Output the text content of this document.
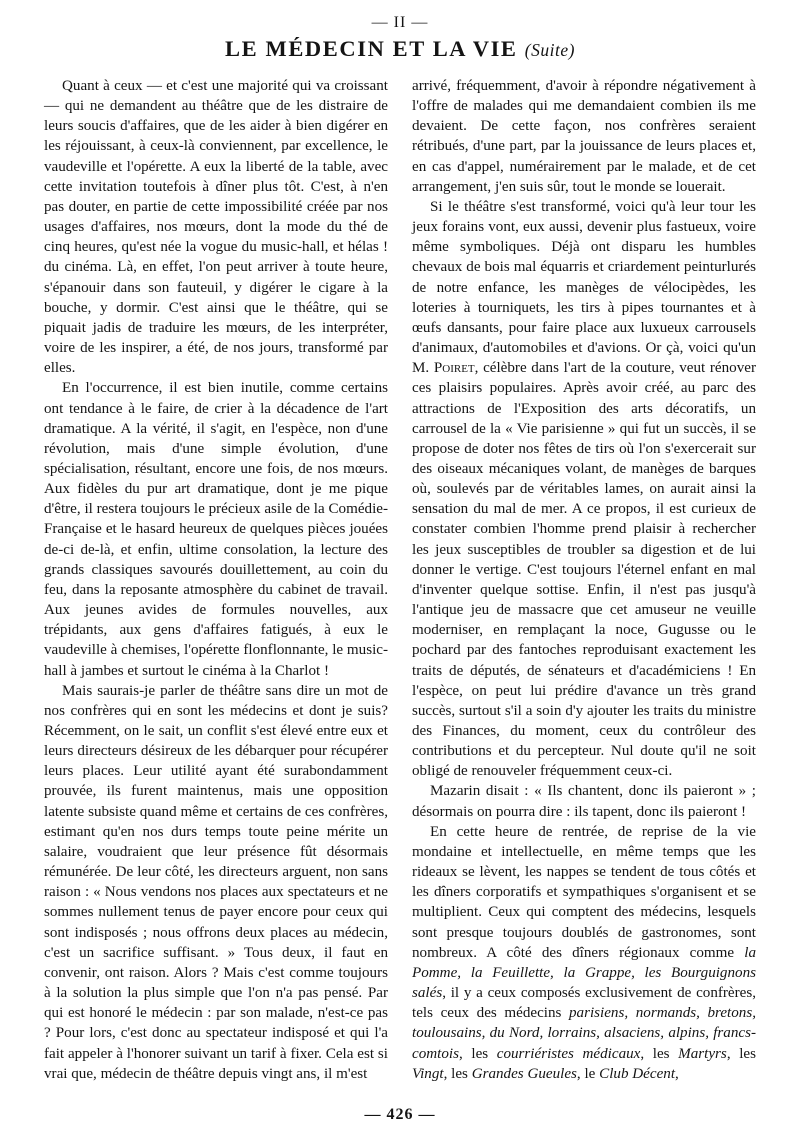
— II —
LE MÉDECIN ET LA VIE (Suite)

Quant à ceux — et c'est une majorité qui va croissant — qui ne demandent au théâtre que de les distraire de leurs soucis d'affaires, que de les aider à bien digérer en les réjouissant, à ceux-là conviennent, par excellence, le vaudeville et l'opérette. A eux la liberté de la table, avec cette invitation toutefois à dîner plus tôt. C'est, à n'en pas douter, en partie de cette impossibilité créée par nos usages d'affaires, nos mœurs, dont la mode du thé de cinq heures, qu'est née la vogue du music-hall, et hélas ! du cinéma. Là, en effet, l'on peut arriver à toute heure, s'épanouir dans son fauteuil, y digérer le cigare à la bouche, y dormir. C'est ainsi que le théâtre, qui se piquait jadis de traduire les mœurs, de les interpréter, voire de les inspirer, a été, de nos jours, transformé par elles.

En l'occurrence, il est bien inutile, comme certains ont tendance à le faire, de crier à la décadence de l'art dramatique. A la vérité, il s'agit, en l'espèce, non d'une révolution, mais d'une simple évolution, d'une spécialisation, résultant, encore une fois, de nos mœurs. Aux fidèles du pur art dramatique, dont je me pique d'être, il restera toujours le précieux asile de la Comédie-Française et le hasard heureux de quelques pièces jouées de-ci de-là, et enfin, ultime consolation, la lecture des grands classiques savourés douillettement, au coin du feu, dans la reposante atmosphère du cabinet de travail. Aux jeunes avides de formules nouvelles, aux trépidants, aux gens d'affaires fatigués, à eux le vaudeville à chemises, l'opérette flonflonnante, le music-hall à jambes et surtout le cinéma à la Charlot !

Mais saurais-je parler de théâtre sans dire un mot de nos confrères qui en sont les médecins et dont je suis? Récemment, on le sait, un conflit s'est élevé entre eux et leurs directeurs désireux de les débarquer pour récupérer leurs places. Leur utilité ayant été surabondamment prouvée, ils furent maintenus, mais une opposition latente subsiste quand même et certains de ces confrères, estimant qu'en nos durs temps toute peine mérite un salaire, voudraient que leur présence fût désormais rémunérée. De leur côté, les directeurs arguent, non sans raison : « Nous vendons nos places aux spectateurs et ne sommes nullement tenus de payer encore pour ceux qui sont indisposés ; nous offrons deux places au médecin, c'est un sacrifice suffisant. » Tous deux, il faut en convenir, ont raison. Alors ? Mais c'est comme toujours à la solution la plus simple que l'on n'a pas pensé. Par qui est honoré le médecin : par son malade, n'est-ce pas ? Pour lors, c'est donc au spectateur indisposé et qui l'a fait appeler à l'honorer suivant un tarif à fixer. Cela est si vrai que, médecin de théâtre depuis vingt ans, il m'est

arrivé, fréquemment, d'avoir à répondre négativement à l'offre de malades qui me demandaient combien ils me devaient. De cette façon, nos confrères seraient rétribués, d'une part, par la jouissance de leurs places et, en cas d'appel, numérairement par le malade, et de cet arrangement, j'en suis sûr, tout le monde se louerait.

Si le théâtre s'est transformé, voici qu'à leur tour les jeux forains vont, eux aussi, devenir plus fastueux, voire même symboliques. Déjà ont disparu les humbles chevaux de bois mal équarris et criardement peinturlurés de notre enfance, les manèges de vélocipèdes, les loteries à tourniquets, les tirs à pipes tournantes et à œufs dansants, pour faire place aux luxueux carrousels d'animaux, d'automobiles et d'avions. Or çà, voici qu'un M. Poiret, célèbre dans l'art de la couture, veut rénover ces plaisirs populaires. Après avoir créé, au parc des attractions de l'Exposition des arts décoratifs, un carrousel de la « Vie parisienne » qui fut un succès, il se propose de doter nos fêtes de tirs où l'on s'exercerait sur des oiseaux mécaniques volant, de manèges de barques où, soulevés par de véritables lames, on aurait ainsi la sensation du mal de mer. A ce propos, il est curieux de constater combien l'homme prend plaisir à rechercher les jeux susceptibles de troubler sa digestion et de lui donner le vertige. C'est toujours l'éternel enfant en mal d'inventer quelque sottise. Enfin, il n'est pas jusqu'à l'antique jeu de massacre que cet amuseur ne veuille moderniser, en remplaçant la noce, Gugusse ou le pochard par des fantoches reproduisant exactement les traits de députés, de sénateurs et d'académiciens ! En l'espèce, on peut lui prédire d'avance un très grand succès, surtout s'il a soin d'y ajouter les traits du ministre des Finances, du moment, ceux du contrôleur des contributions et du percepteur. Nul doute qu'il ne soit obligé de renouveler fréquemment ceux-ci.

Mazarin disait : « Ils chantent, donc ils paieront » ; désormais on pourra dire : ils tapent, donc ils paieront !

En cette heure de rentrée, de reprise de la vie mondaine et intellectuelle, en même temps que les rideaux se lèvent, les nappes se tendent de tous côtés et les dîners corporatifs et sympathiques s'organisent et se multiplient. Ceux qui comptent des médecins, lesquels sont presque toujours doublés de gastronomes, sont nombreux. A côté des dîners régionaux comme la Pomme, la Feuillette, la Grappe, les Bourguignons salés, il y a ceux composés exclusivement de confrères, tels ceux des médecins parisiens, normands, bretons, toulousains, du Nord, lorrains, alsaciens, alpins, francs-comtois, les courriéristes médicaux, les Martyrs, les Vingt, les Grandes Gueules, le Club Décent,

— 426 —
